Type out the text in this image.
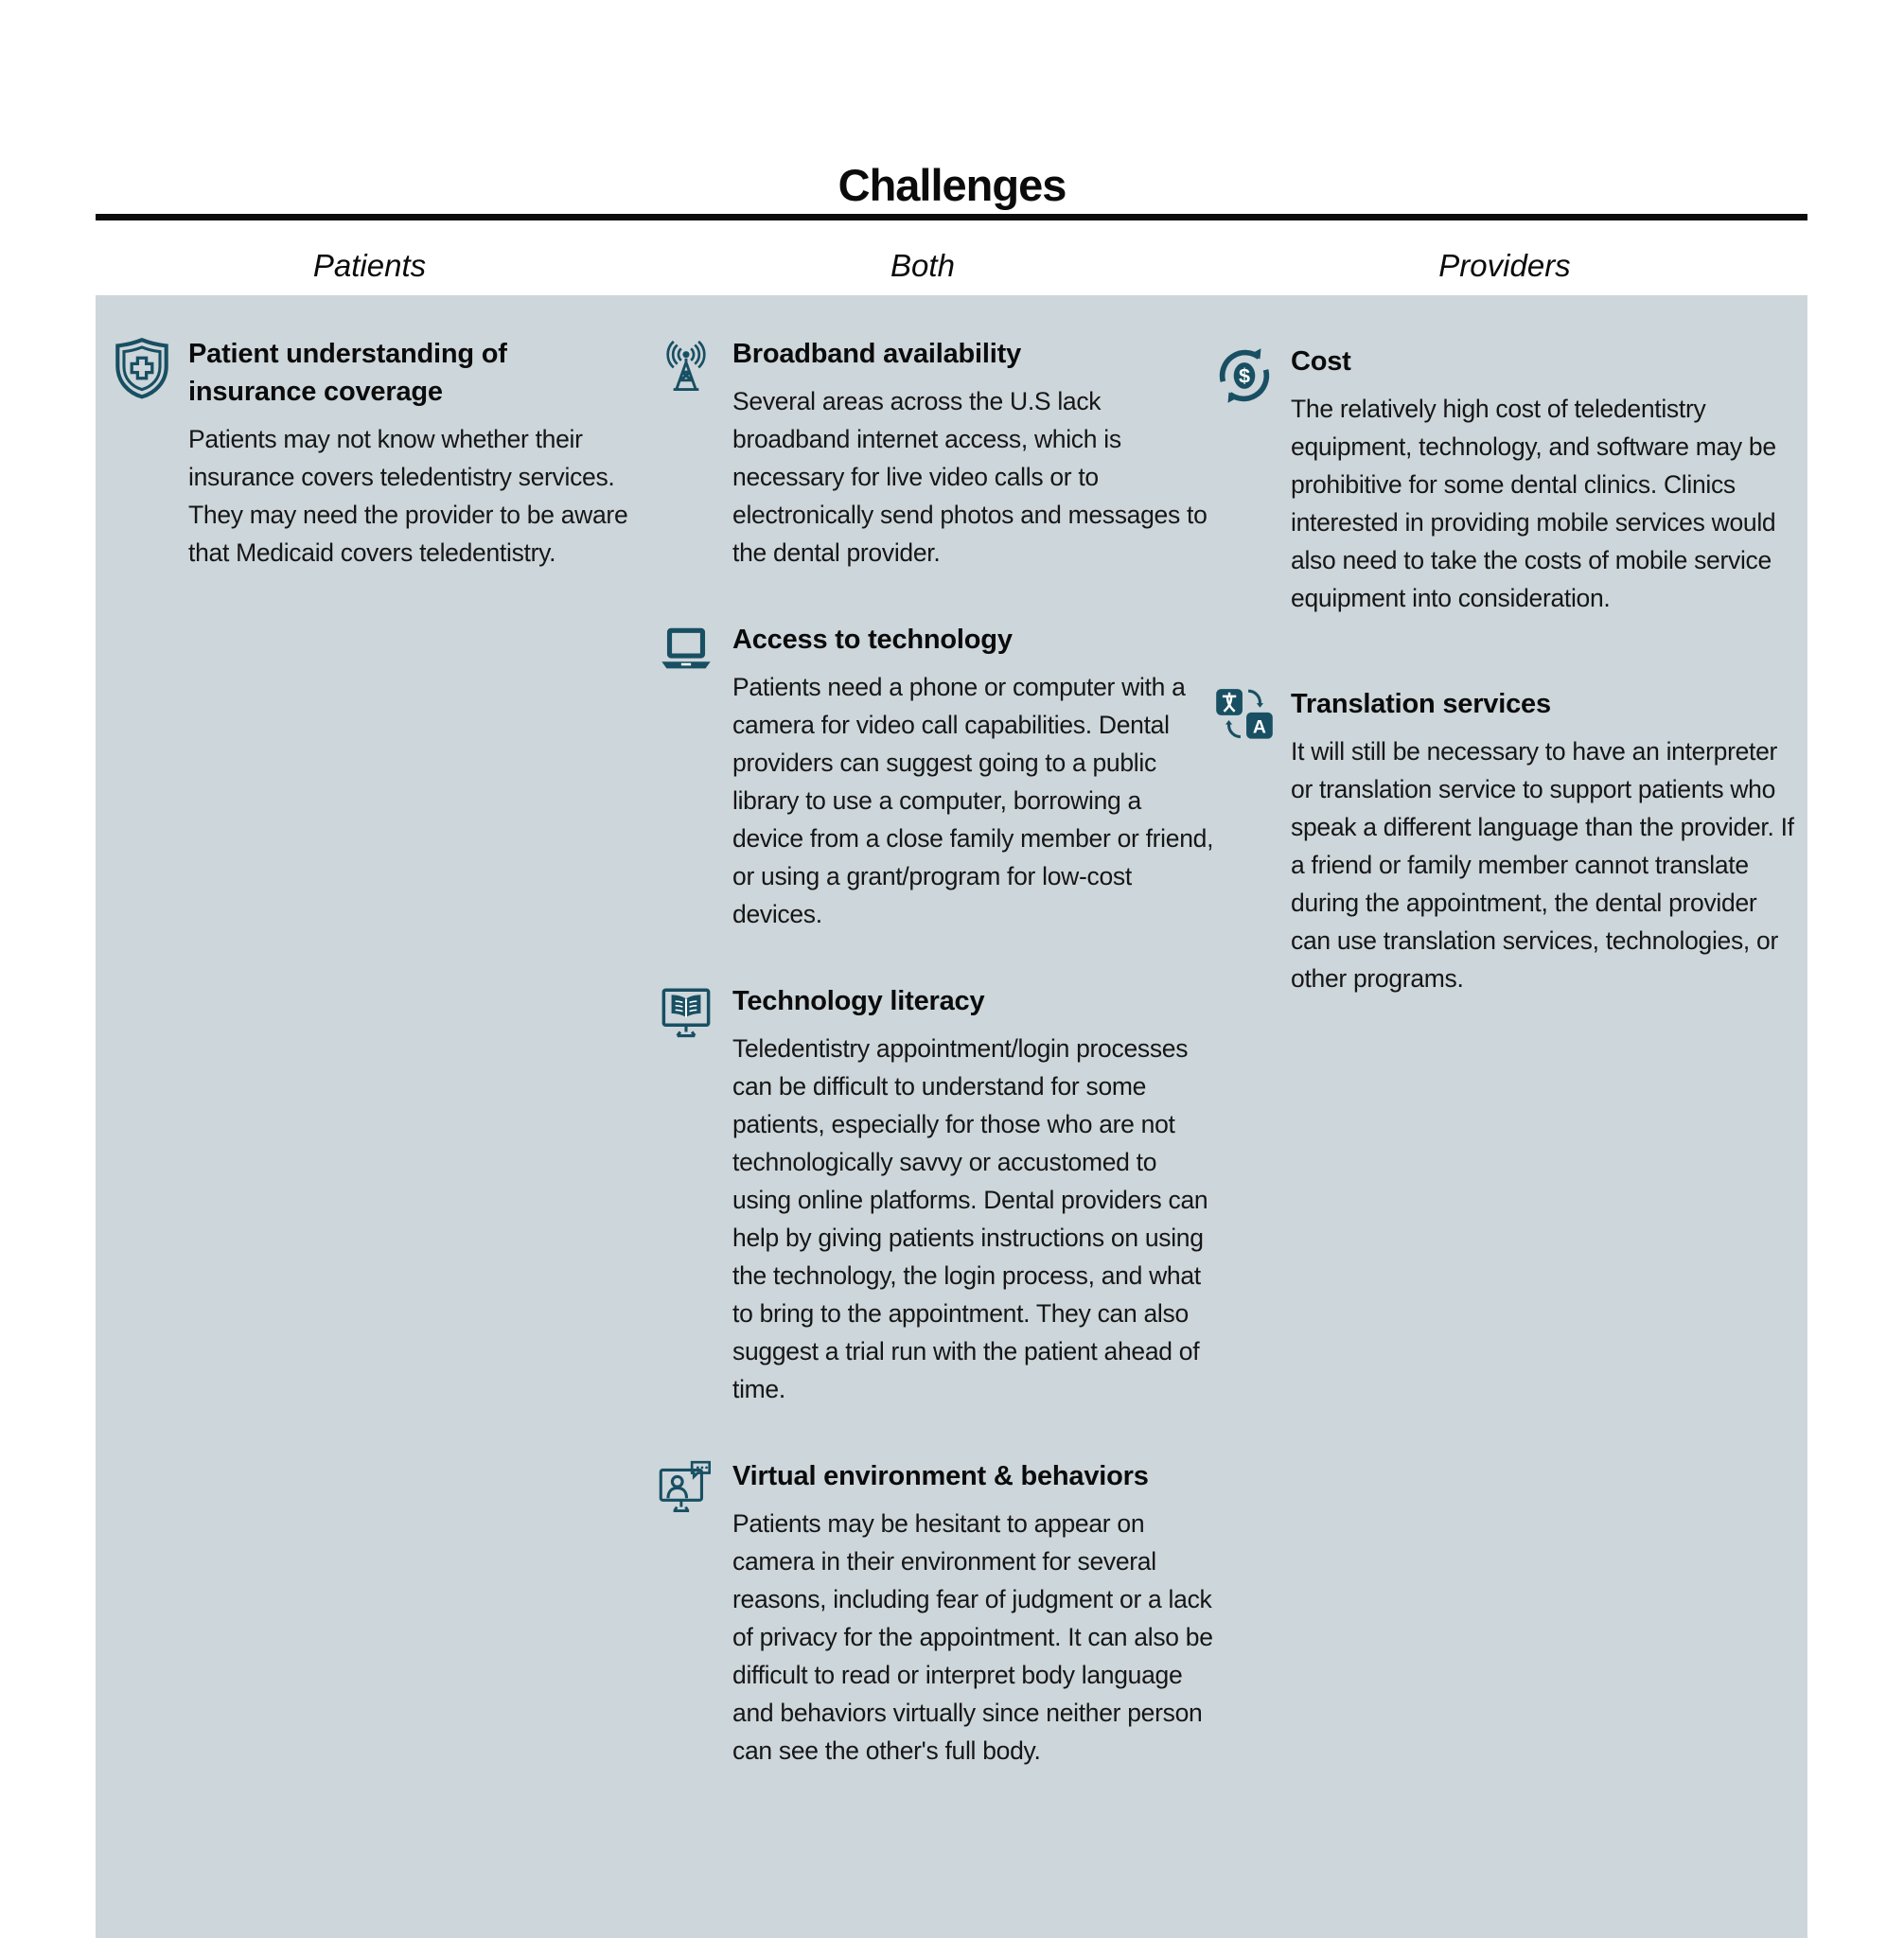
Challenges
Patients	Both	Providers
Patient understanding of insurance coverage

Patients may not know whether their insurance covers teledentistry services. They may need the provider to be aware that Medicaid covers teledentistry.

Broadband availability

Several areas across the U.S lack broadband internet access, which is necessary for live video calls or to electronically send photos and messages to the dental provider.

Access to technology

Patients need a phone or computer with a camera for video call capabilities. Dental providers can suggest going to a public library to use a computer, borrowing a device from a close family member or friend, or using a grant/program for low-cost devices.

Technology literacy

Teledentistry appointment/login processes can be difficult to understand for some patients, especially for those who are not technologically savvy or accustomed to using online platforms. Dental providers can help by giving patients instructions on using the technology, the login process, and what to bring to the appointment. They can also suggest a trial run with the patient ahead of time.

Virtual environment & behaviors

Patients may be hesitant to appear on camera in their environment for several reasons, including fear of judgment or a lack of privacy for the appointment. It can also be difficult to read or interpret body language and behaviors virtually since neither person can see the other's full body.

$ Cost

The relatively high cost of teledentistry equipment, technology, and software may be prohibitive for some dental clinics. Clinics interested in providing mobile services would also need to take the costs of mobile service equipment into consideration.

A
Translation services

It will still be necessary to have an interpreter or translation service to support patients who speak a different language than the provider. If a friend or family member cannot translate during the appointment, the dental provider can use translation services, technologies, or other programs.
